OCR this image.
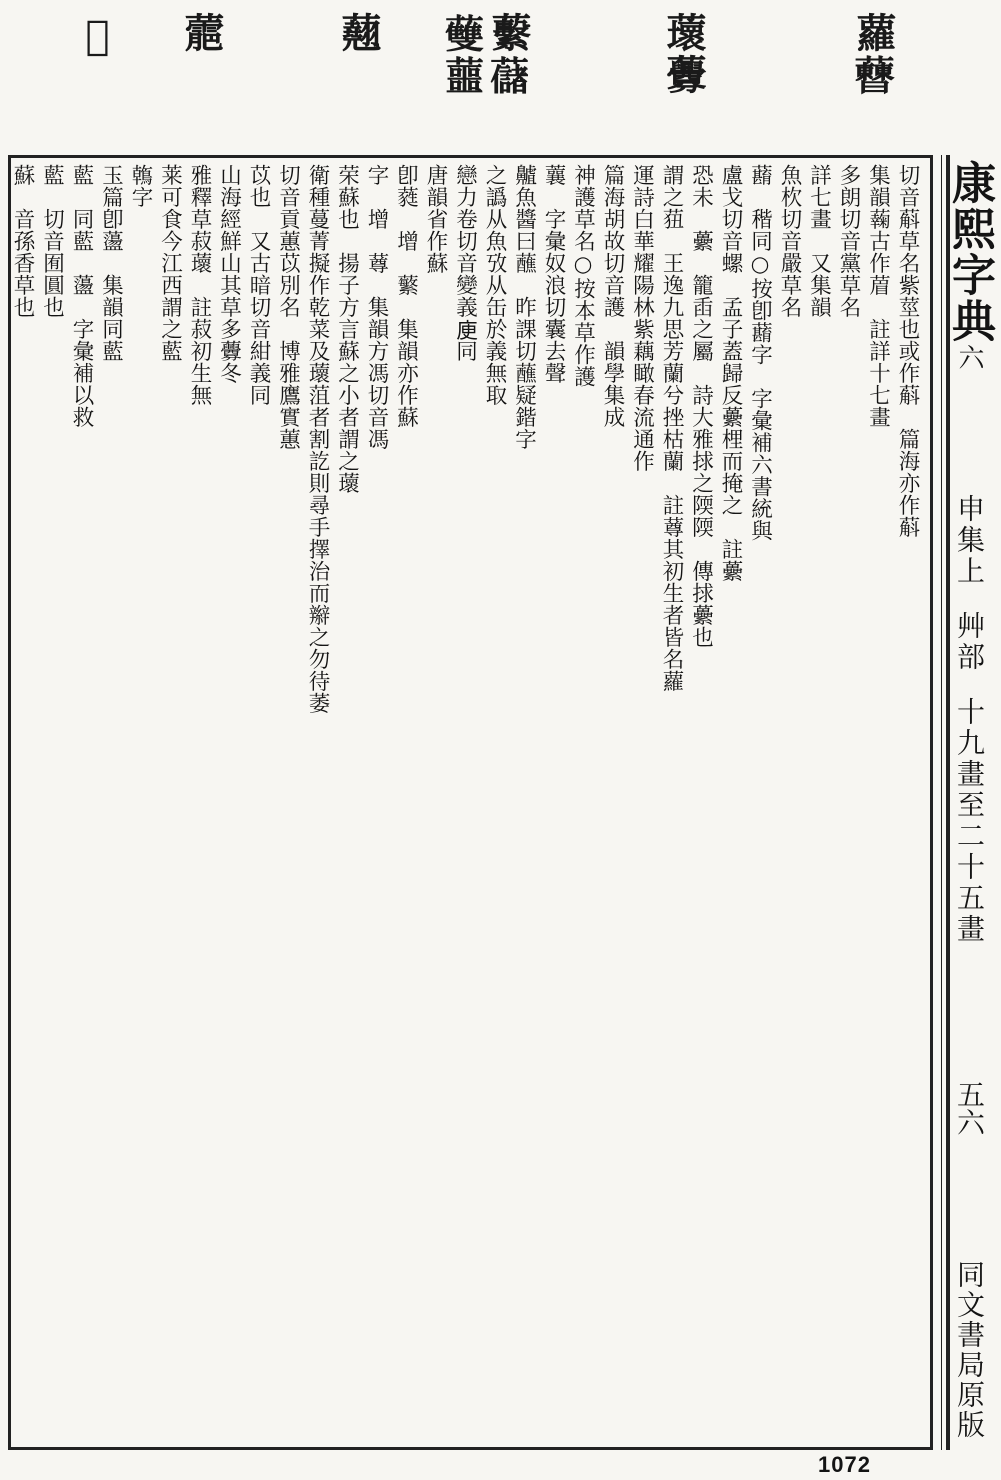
蘿𧅝
蘾虋
蘻𧄔
𧄐蘁
𧄍
蘎
𦿺
康熙字典六
申集上 艸部 十九畫至二十五畫
五六
同文書局原版
切音蔛草名紫莖也或作蔛　篇海亦作蔛
集韻䕮古作葿　註詳十七畫
多朗切音黨草名
詳七畫　又集韻
魚杴切音嚴草名
蘛　稭同○按卽蘛字　字彙補六書統與
盧戈切音螺　孟子蓋歸反虆梩而掩之　註虆
恐未　虆　籠臿之屬　詩大雅捄之陾陾　傳捄虆也
謂之莥　王逸九思芳蘭兮挫枯蘭　註䔿其初生者皆名蘿
運詩白華耀陽林紫藕瞰春流通作
篇海胡故切音護　韻學集成
神護草名○按本草作護
蘘　字彙奴浪切囊去聲
齇魚醬曰蘸　昨課切蘸疑鍇字
之譌从魚攷从缶於義無取
戀力卷切音變義𢈔同
唐韻省作蘇
卽蕤　增　蘩　集韻亦作蘇
字　增　䔿　集韻方馮切音馮
荣蘇也　揚子方言蘇之小者謂之蘾
衛種蔓菁擬作乾菜及蘾菹者割訖則尋手擇治而辮之勿待萎
切音貢蕙苡別名　博雅鷹實蕙
苡也　又古暗切音紺義同
山海經鮮山其草多虋冬
雅釋草菽蘾　註菽初生無
莱可食今江西謂之藍
鶾字
玉篇卽蘯　集韻同藍
藍　同藍　蘯　字彙補以救
藍　切音囿圓也
蘇　音孫香草也
1072
